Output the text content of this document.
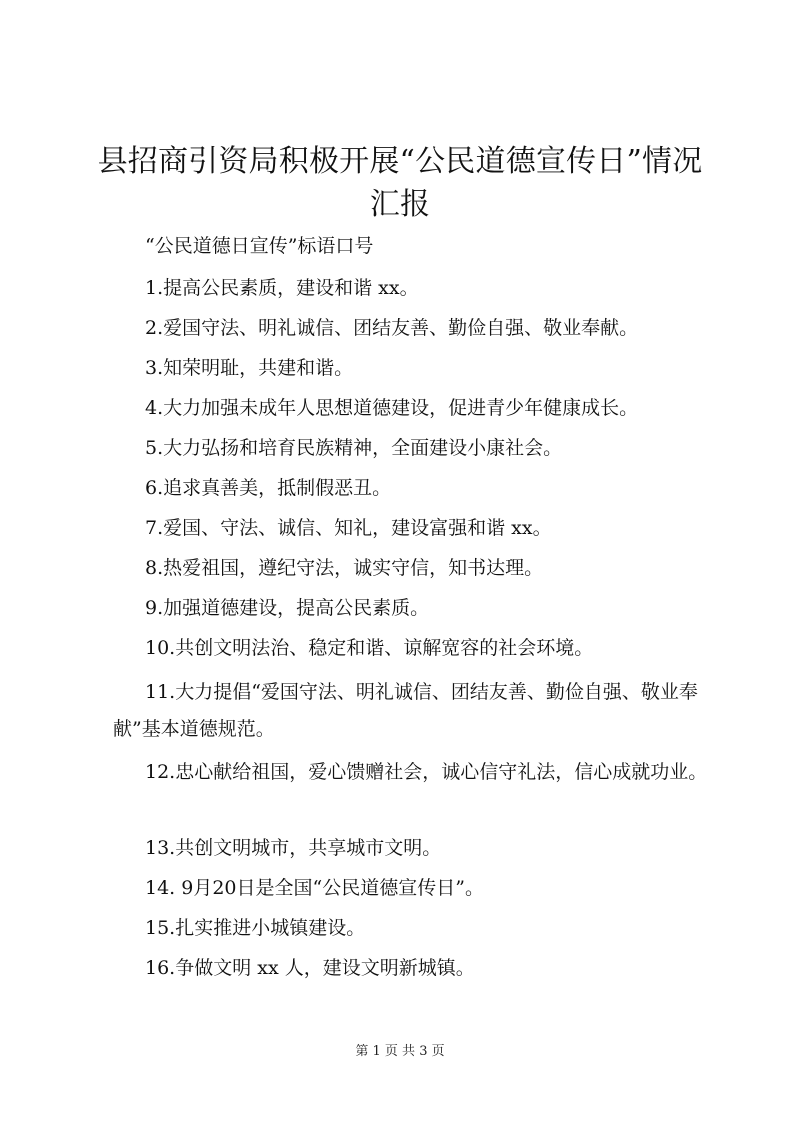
县招商引资局积极开展“公民道德宣传日”情况汇报
“公民道德日宣传”标语口号
1.提高公民素质，建设和谐 xx。
2.爱国守法、明礼诚信、团结友善、勤俭自强、敬业奉献。
3.知荣明耻，共建和谐。
4.大力加强未成年人思想道德建设，促进青少年健康成长。
5.大力弘扬和培育民族精神，全面建设小康社会。
6.追求真善美，抵制假恶丑。
7.爱国、守法、诚信、知礼，建设富强和谐 xx。
8.热爱祖国，遵纪守法，诚实守信，知书达理。
9.加强道德建设，提高公民素质。
10.共创文明法治、稳定和谐、谅解宽容的社会环境。
11.大力提倡“爱国守法、明礼诚信、团结友善、勤俭自强、敬业奉献”基本道德规范。
12.忠心献给祖国，爱心馈赠社会，诚心信守礼法，信心成就功业。
13.共创文明城市，共享城市文明。
14. 9月20日是全国“公民道德宣传日”。
15.扎实推进小城镇建设。
16.争做文明 xx 人，建设文明新城镇。
第 1 页 共 3 页
